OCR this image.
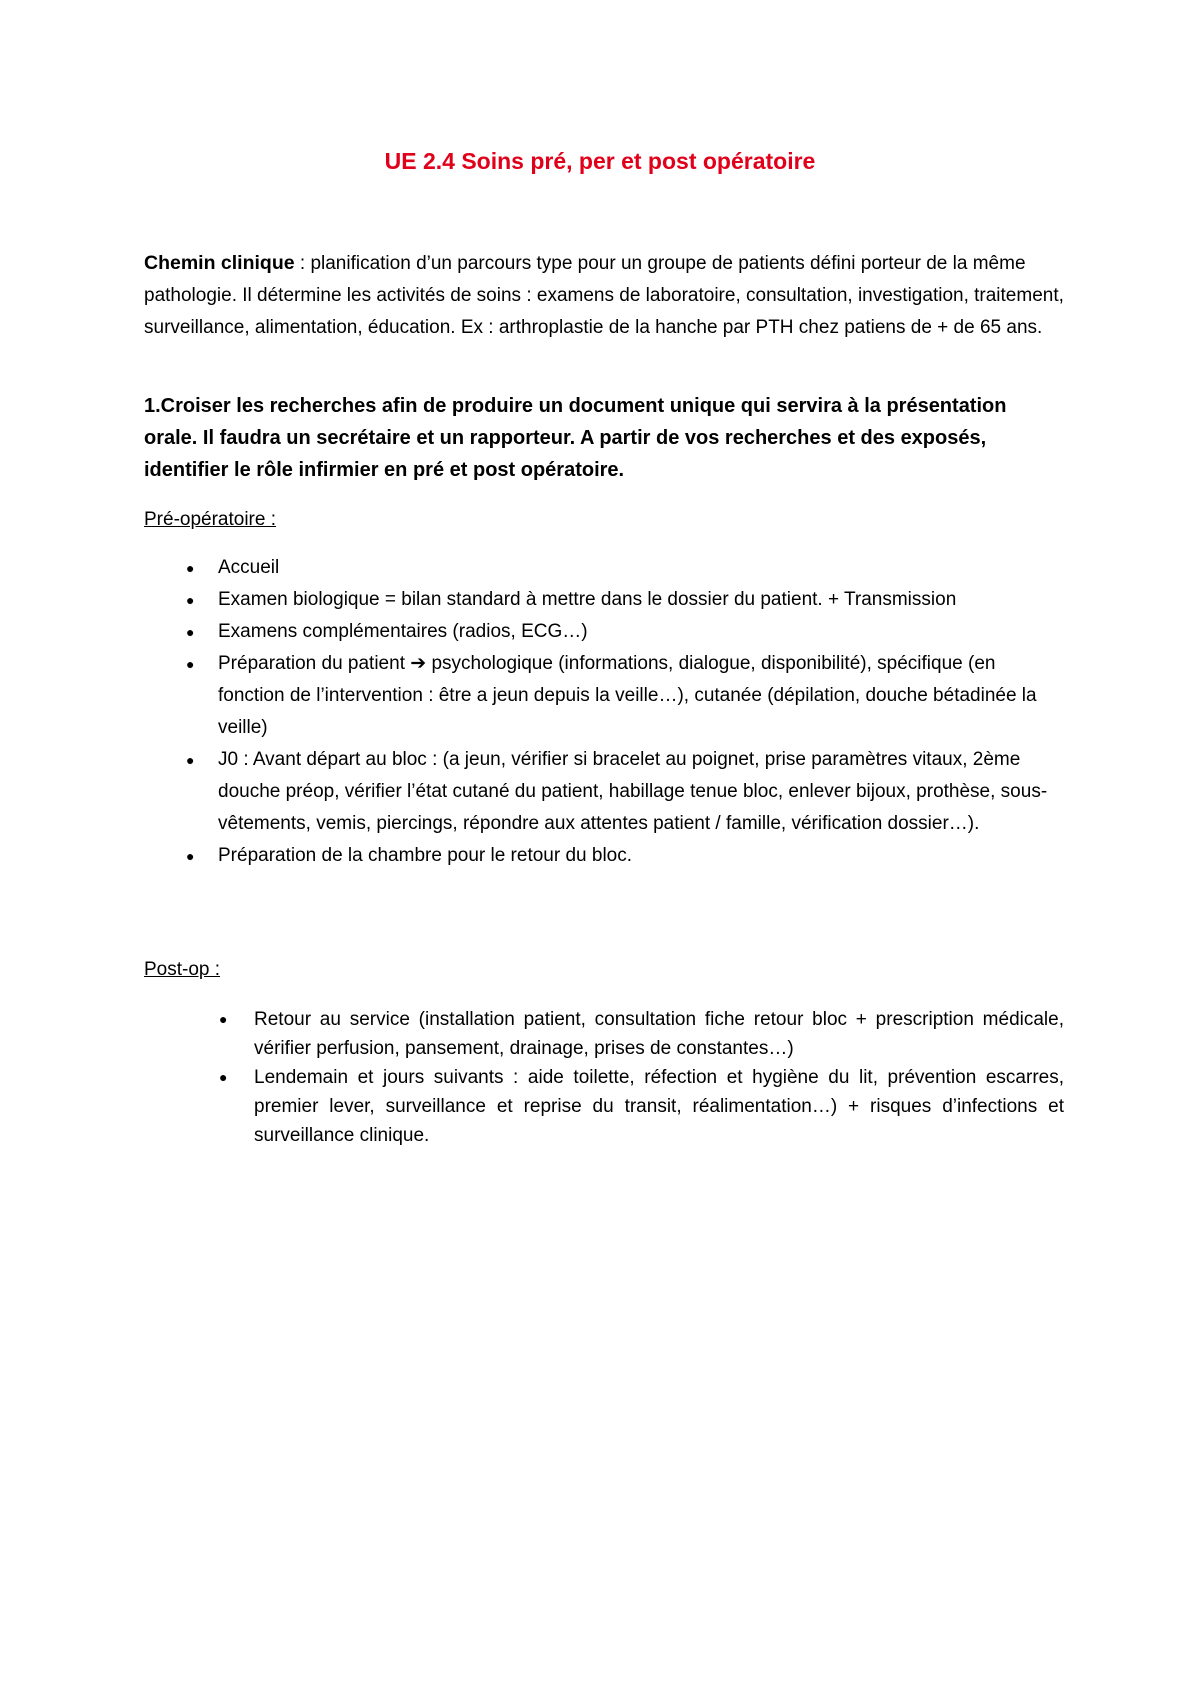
UE 2.4 Soins pré, per et post opératoire

Chemin clinique : planification d’un parcours type pour un groupe de patients défini porteur de la même pathologie. Il détermine les activités de soins : examens de laboratoire, consultation, investigation, traitement, surveillance, alimentation, éducation. Ex : arthroplastie de la hanche par PTH chez patiens de + de 65 ans.

1.Croiser les recherches afin de produire un document unique qui servira à la présentation orale. Il faudra un secrétaire et un rapporteur. A partir de vos recherches et des exposés, identifier le rôle infirmier en pré et post opératoire.

Pré-opératoire :

● Accueil
● Examen biologique = bilan standard à mettre dans le dossier du patient. + Transmission
● Examens complémentaires (radios, ECG…)
● Préparation du patient ➔ psychologique (informations, dialogue, disponibilité), spécifique (en fonction de l’intervention : être a jeun depuis la veille…), cutanée (dépilation, douche bétadinée la veille)
● J0 : Avant départ au bloc : (a jeun, vérifier si bracelet au poignet, prise paramètres vitaux, 2ème douche préop, vérifier l’état cutané du patient, habillage tenue bloc, enlever bijoux, prothèse, sous-vêtements, vemis, piercings, répondre aux attentes patient / famille, vérification dossier…).
● Préparation de la chambre pour le retour du bloc.

Post-op :

● Retour au service (installation patient, consultation fiche retour bloc + prescription médicale, vérifier perfusion, pansement, drainage, prises de constantes…)
● Lendemain et jours suivants : aide toilette, réfection et hygiène du lit, prévention escarres, premier lever, surveillance et reprise du transit, réalimentation…) + risques d’infections et surveillance clinique.
